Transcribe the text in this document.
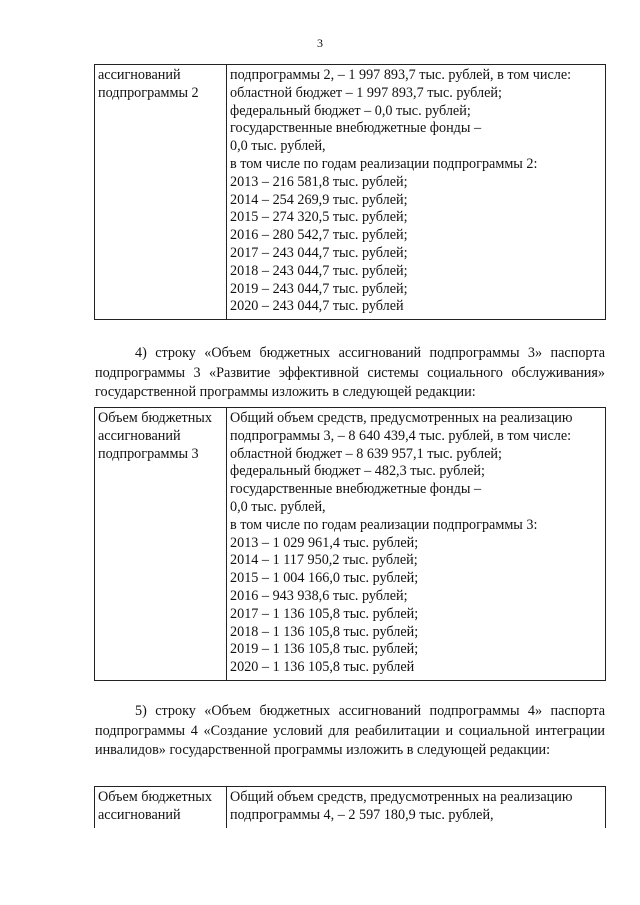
3
ассигнований
подпрограммы 2

подпрограммы 2, – 1 997 893,7 тыс. рублей, в том числе:
областной бюджет – 1 997 893,7 тыс. рублей;
федеральный бюджет – 0,0 тыс. рублей;
государственные внебюджетные фонды –
0,0 тыс. рублей,
в том числе по годам реализации подпрограммы 2:
2013 – 216 581,8 тыс. рублей;
2014 – 254 269,9 тыс. рублей;
2015 – 274 320,5 тыс. рублей;
2016 – 280 542,7 тыс. рублей;
2017 – 243 044,7 тыс. рублей;
2018 – 243 044,7 тыс. рублей;
2019 – 243 044,7 тыс. рублей;
2020 – 243 044,7 тыс. рублей

4) строку «Объем бюджетных ассигнований подпрограммы 3» паспорта подпрограммы 3 «Развитие эффективной системы социального обслуживания» государственной программы изложить в следующей редакции:

Объем бюджетных
ассигнований
подпрограммы 3

Общий объем средств, предусмотренных на реализацию
подпрограммы 3, – 8 640 439,4 тыс. рублей, в том числе:
областной бюджет – 8 639 957,1 тыс. рублей;
федеральный бюджет – 482,3 тыс. рублей;
государственные внебюджетные фонды –
0,0 тыс. рублей,
в том числе по годам реализации подпрограммы 3:
2013 – 1 029 961,4 тыс. рублей;
2014 – 1 117 950,2 тыс. рублей;
2015 – 1 004 166,0 тыс. рублей;
2016 – 943 938,6 тыс. рублей;
2017 – 1 136 105,8 тыс. рублей;
2018 – 1 136 105,8 тыс. рублей;
2019 – 1 136 105,8 тыс. рублей;
2020 – 1 136 105,8 тыс. рублей

5) строку «Объем бюджетных ассигнований подпрограммы 4» паспорта подпрограммы 4 «Создание условий для реабилитации и социальной интеграции инвалидов» государственной программы изложить в следующей редакции:

Объем бюджетных
ассигнований

Общий объем средств, предусмотренных на реализацию
подпрограммы 4, – 2 597 180,9 тыс. рублей,
